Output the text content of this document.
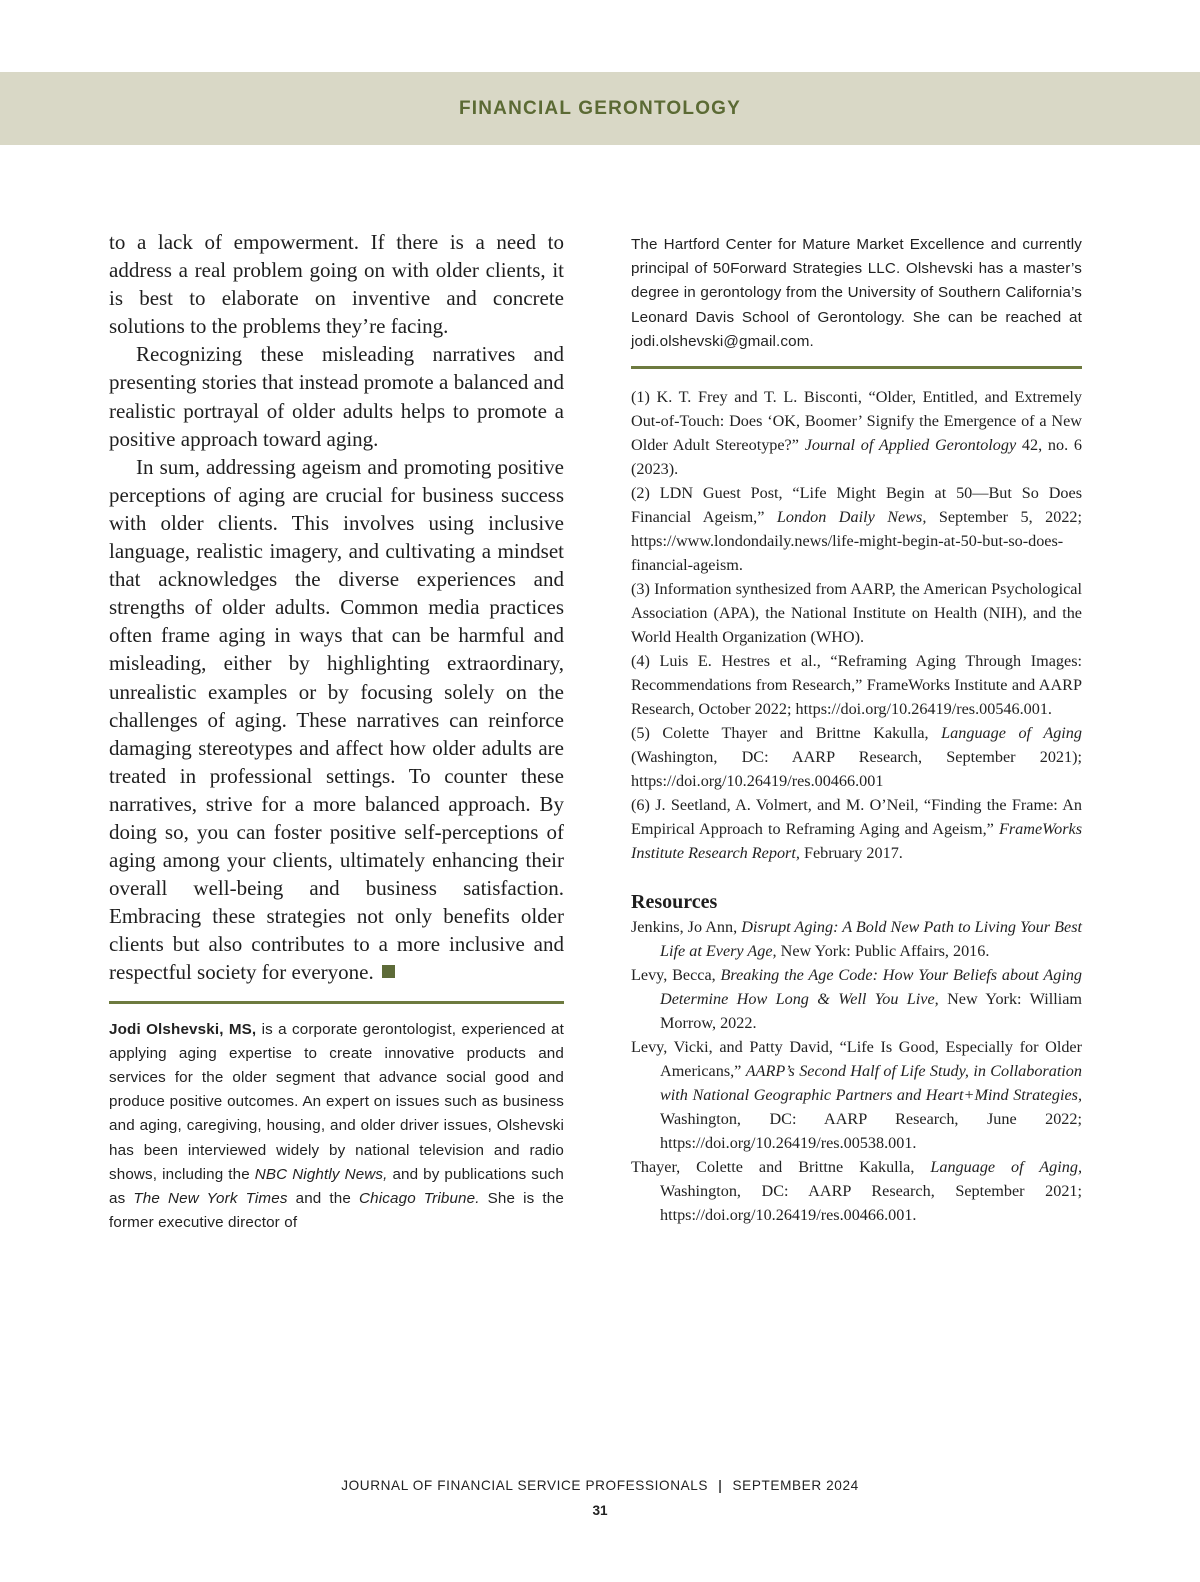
FINANCIAL GERONTOLOGY

to a lack of empowerment. If there is a need to address a real problem going on with older clients, it is best to elaborate on inventive and concrete solutions to the problems they’re facing.

Recognizing these misleading narratives and presenting stories that instead promote a balanced and realistic portrayal of older adults helps to promote a positive approach toward aging.

In sum, addressing ageism and promoting positive perceptions of aging are crucial for business success with older clients. This involves using inclusive language, realistic imagery, and cultivating a mindset that acknowledges the diverse experiences and strengths of older adults. Common media practices often frame aging in ways that can be harmful and misleading, either by highlighting extraordinary, unrealistic examples or by focusing solely on the challenges of aging. These narratives can reinforce damaging stereotypes and affect how older adults are treated in professional settings. To counter these narratives, strive for a more balanced approach. By doing so, you can foster positive self-perceptions of aging among your clients, ultimately enhancing their overall well-being and business satisfaction. Embracing these strategies not only benefits older clients but also contributes to a more inclusive and respectful society for everyone.

Jodi Olshevski, MS, is a corporate gerontologist, experienced at applying aging expertise to create innovative products and services for the older segment that advance social good and produce positive outcomes. An expert on issues such as business and aging, caregiving, housing, and older driver issues, Olshevski has been interviewed widely by national television and radio shows, including the NBC Nightly News, and by publications such as The New York Times and the Chicago Tribune. She is the former executive director of

The Hartford Center for Mature Market Excellence and currently principal of 50Forward Strategies LLC. Olshevski has a master’s degree in gerontology from the University of Southern California’s Leonard Davis School of Gerontology. She can be reached at jodi.olshevski@gmail.com.

(1) K. T. Frey and T. L. Bisconti, “Older, Entitled, and Extremely Out-of-Touch: Does ‘OK, Boomer’ Signify the Emergence of a New Older Adult Stereotype?” Journal of Applied Gerontology 42, no. 6 (2023).

(2) LDN Guest Post, “Life Might Begin at 50—But So Does Financial Ageism,” London Daily News, September 5, 2022; https://www.londondaily.news/life-might-begin-at-50-but-so-does-financial-ageism.

(3) Information synthesized from AARP, the American Psychological Association (APA), the National Institute on Health (NIH), and the World Health Organization (WHO).

(4) Luis E. Hestres et al., “Reframing Aging Through Images: Recommendations from Research,” FrameWorks Institute and AARP Research, October 2022; https://doi.org/10.26419/res.00546.001.

(5) Colette Thayer and Brittne Kakulla, Language of Aging (Washington, DC: AARP Research, September 2021); https://doi.org/10.26419/res.00466.001

(6) J. Seetland, A. Volmert, and M. O’Neil, “Finding the Frame: An Empirical Approach to Reframing Aging and Ageism,” FrameWorks Institute Research Report, February 2017.

Resources

Jenkins, Jo Ann, Disrupt Aging: A Bold New Path to Living Your Best Life at Every Age, New York: Public Affairs, 2016.

Levy, Becca, Breaking the Age Code: How Your Beliefs about Aging Determine How Long & Well You Live, New York: William Morrow, 2022.

Levy, Vicki, and Patty David, “Life Is Good, Especially for Older Americans,” AARP’s Second Half of Life Study, in Collaboration with National Geographic Partners and Heart+Mind Strategies, Washington, DC: AARP Research, June 2022; https://doi.org/10.26419/res.00538.001.

Thayer, Colette and Brittne Kakulla, Language of Aging, Washington, DC: AARP Research, September 2021; https://doi.org/10.26419/res.00466.001.

JOURNAL OF FINANCIAL SERVICE PROFESSIONALS | SEPTEMBER 2024
31
